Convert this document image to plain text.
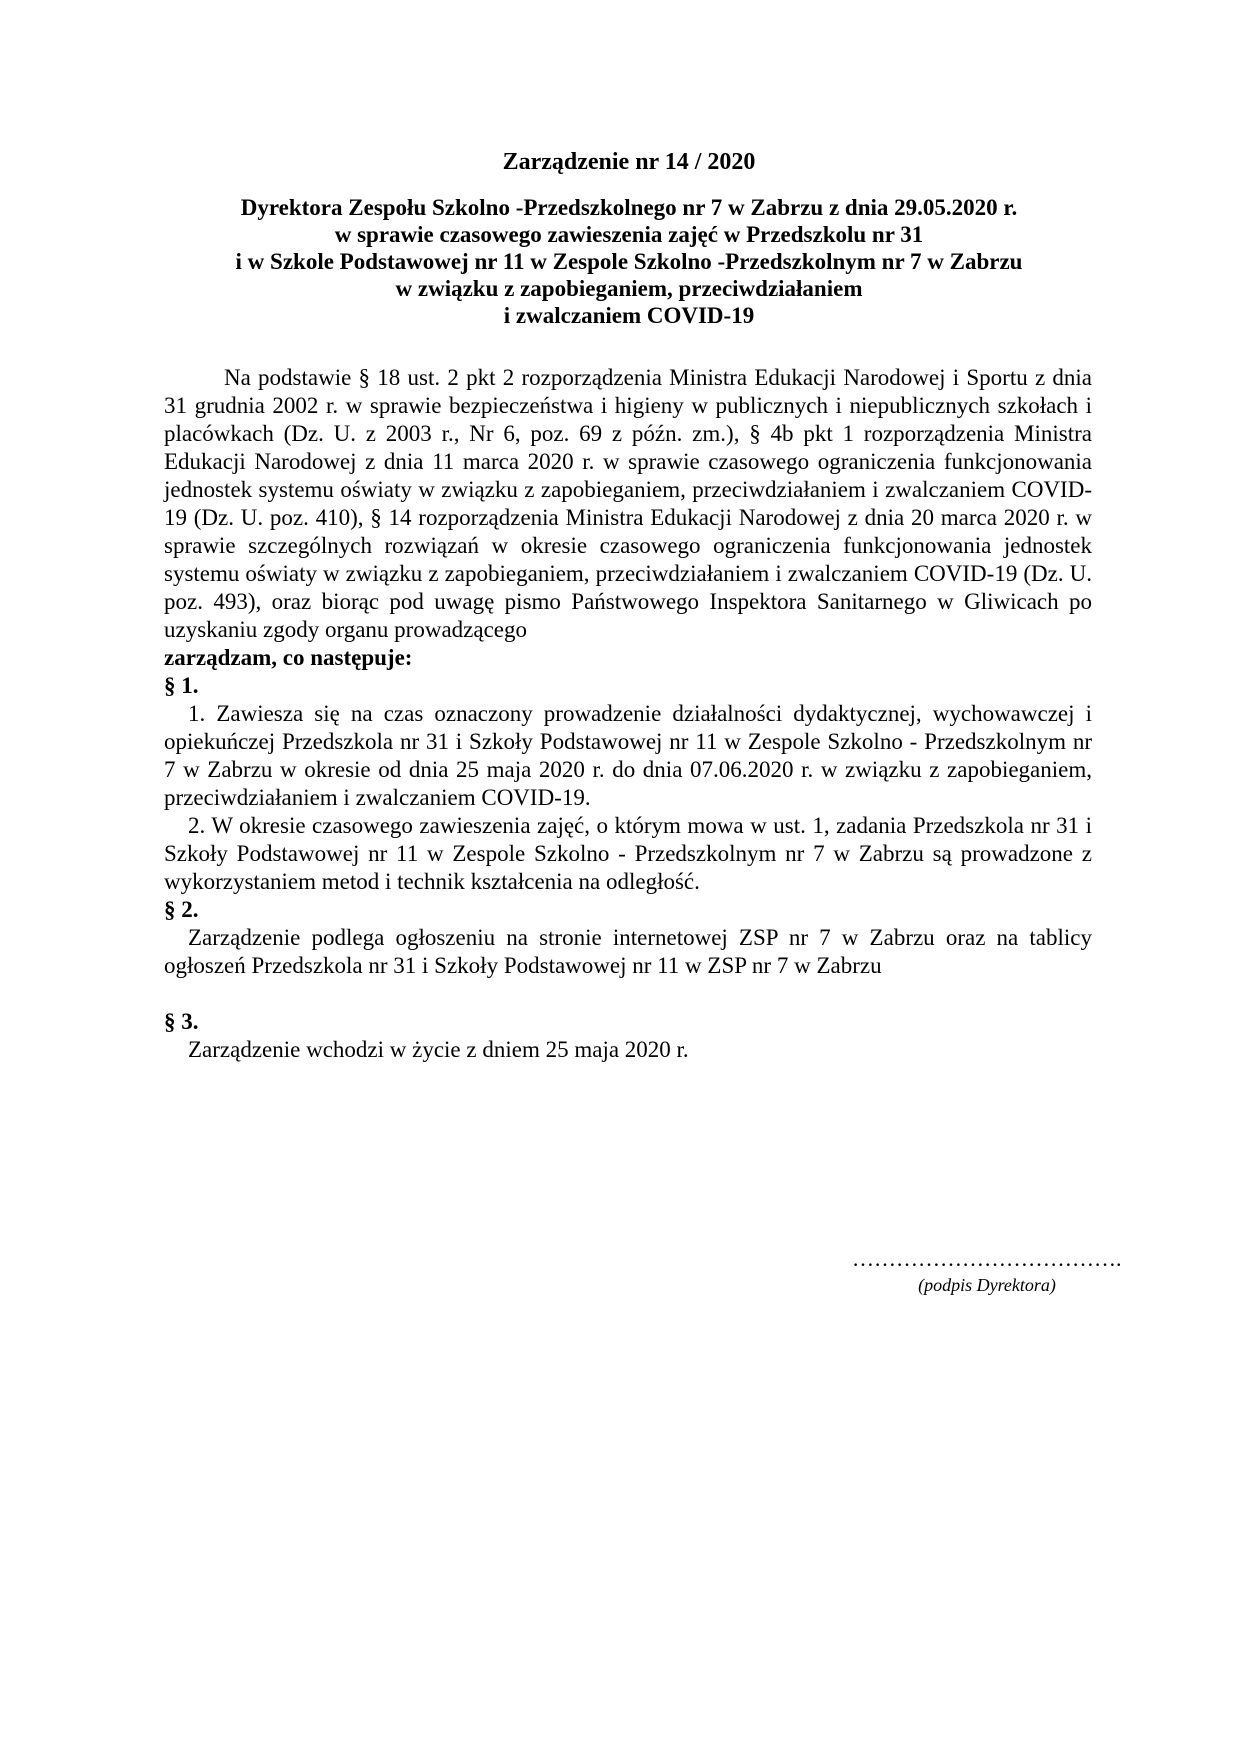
Zarządzenie nr 14 / 2020
Dyrektora Zespołu Szkolno -Przedszkolnego nr 7 w Zabrzu z dnia 29.05.2020 r.
w sprawie czasowego zawieszenia zajęć w Przedszkolu nr 31
i w Szkole Podstawowej nr 11 w Zespole Szkolno -Przedszkolnym nr 7 w Zabrzu
w związku z zapobieganiem, przeciwdziałaniem
i zwalczaniem COVID-19

Na podstawie § 18 ust. 2 pkt 2 rozporządzenia Ministra Edukacji Narodowej i Sportu z dnia 31 grudnia 2002 r. w sprawie bezpieczeństwa i higieny w publicznych i niepublicznych szkołach i placówkach (Dz. U. z 2003 r., Nr 6, poz. 69 z późn. zm.), § 4b pkt 1 rozporządzenia Ministra Edukacji Narodowej z dnia 11 marca 2020 r. w sprawie czasowego ograniczenia funkcjonowania jednostek systemu oświaty w związku z zapobieganiem, przeciwdziałaniem i zwalczaniem COVID-19 (Dz. U. poz. 410), § 14 rozporządzenia Ministra Edukacji Narodowej z dnia 20 marca 2020 r. w sprawie szczególnych rozwiązań w okresie czasowego ograniczenia funkcjonowania jednostek systemu oświaty w związku z zapobieganiem, przeciwdziałaniem i zwalczaniem COVID-19 (Dz. U. poz. 493), oraz biorąc pod uwagę pismo Państwowego Inspektora Sanitarnego w Gliwicach po uzyskaniu zgody organu prowadzącego

zarządzam, co następuje:

§ 1.

1. Zawiesza się na czas oznaczony prowadzenie działalności dydaktycznej, wychowawczej i opiekuńczej Przedszkola nr 31 i Szkoły Podstawowej nr 11 w Zespole Szkolno - Przedszkolnym nr 7 w Zabrzu w okresie od dnia 25 maja 2020 r. do dnia 07.06.2020 r. w związku z zapobieganiem, przeciwdziałaniem i zwalczaniem COVID-19.

2. W okresie czasowego zawieszenia zajęć, o którym mowa w ust. 1, zadania Przedszkola nr 31 i Szkoły Podstawowej nr 11 w Zespole Szkolno - Przedszkolnym nr 7 w Zabrzu są prowadzone z wykorzystaniem metod i technik kształcenia na odległość.

§ 2.

Zarządzenie podlega ogłoszeniu na stronie internetowej ZSP nr 7 w Zabrzu oraz na tablicy ogłoszeń Przedszkola nr 31 i Szkoły Podstawowej nr 11 w ZSP nr 7 w Zabrzu

§ 3.

Zarządzenie wchodzi w życie z dniem 25 maja 2020 r.

……………………………….
(podpis Dyrektora)
